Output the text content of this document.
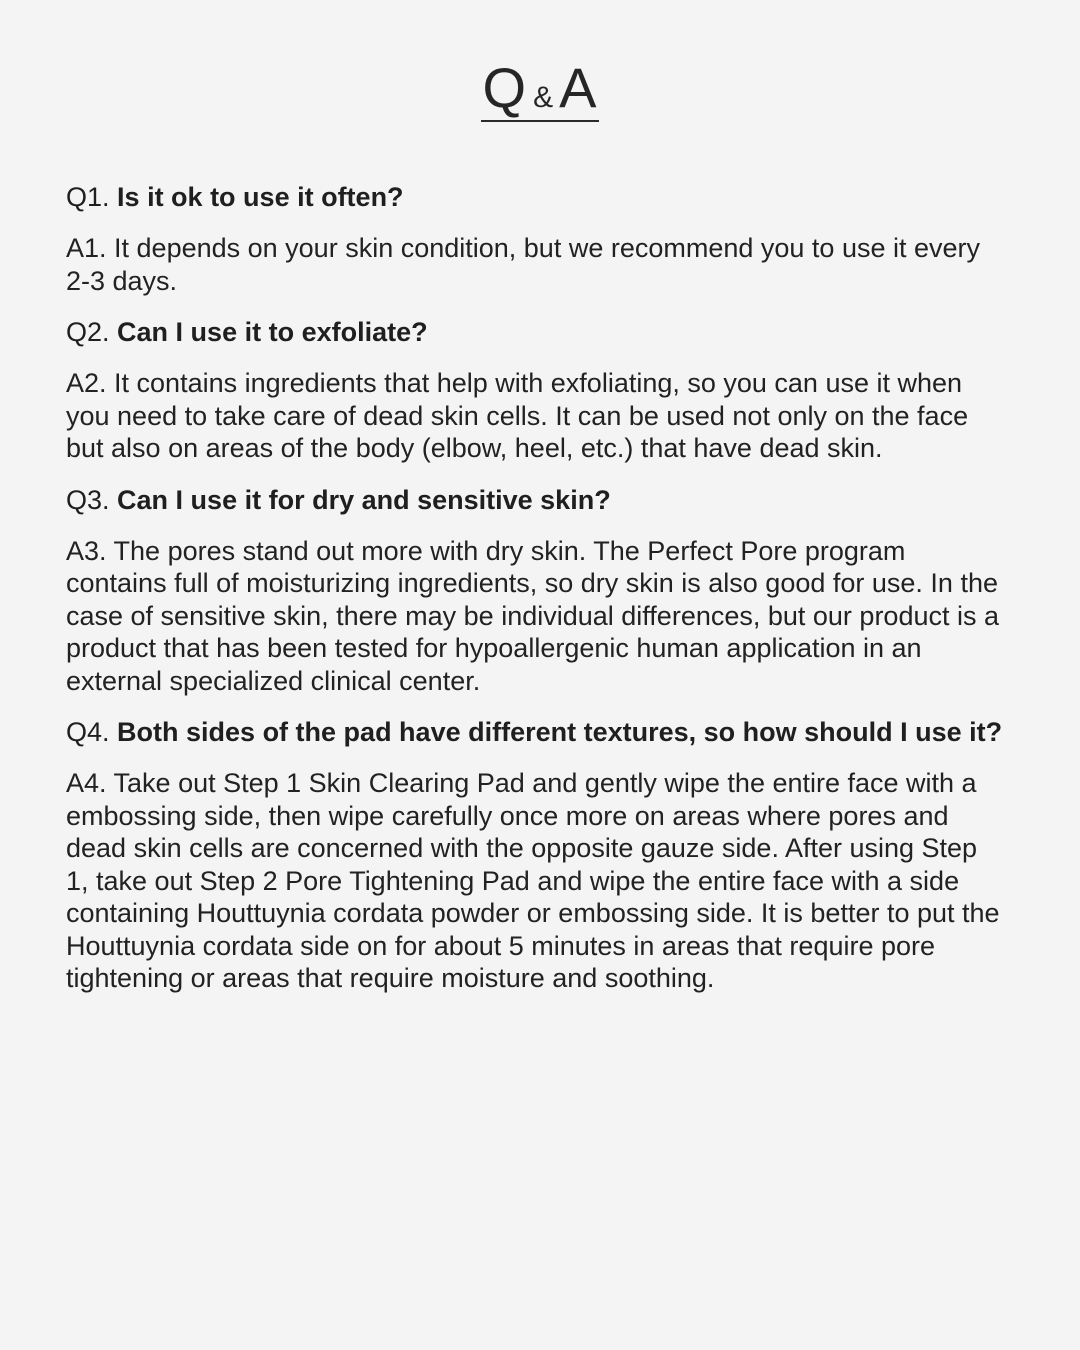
Q & A

Q1. Is it ok to use it often?

A1. It depends on your skin condition, but we recommend you to use it every 2-3 days.

Q2. Can I use it to exfoliate?

A2. It contains ingredients that help with exfoliating, so you can use it when you need to take care of dead skin cells. It can be used not only on the face but also on areas of the body (elbow, heel, etc.) that have dead skin.

Q3. Can I use it for dry and sensitive skin?

A3. The pores stand out more with dry skin. The Perfect Pore program contains full of moisturizing ingredients, so dry skin is also good for use. In the case of sensitive skin, there may be individual differences, but our product is a product that has been tested for hypoallergenic human application in an external specialized clinical center.

Q4. Both sides of the pad have different textures, so how should I use it?

A4. Take out Step 1 Skin Clearing Pad and gently wipe the entire face with a embossing side, then wipe carefully once more on areas where pores and dead skin cells are concerned with the opposite gauze side. After using Step 1, take out Step 2 Pore Tightening Pad and wipe the entire face with a side containing Houttuynia cordata powder or embossing side. It is better to put the Houttuynia cordata side on for about 5 minutes in areas that require pore tightening or areas that require moisture and soothing.
